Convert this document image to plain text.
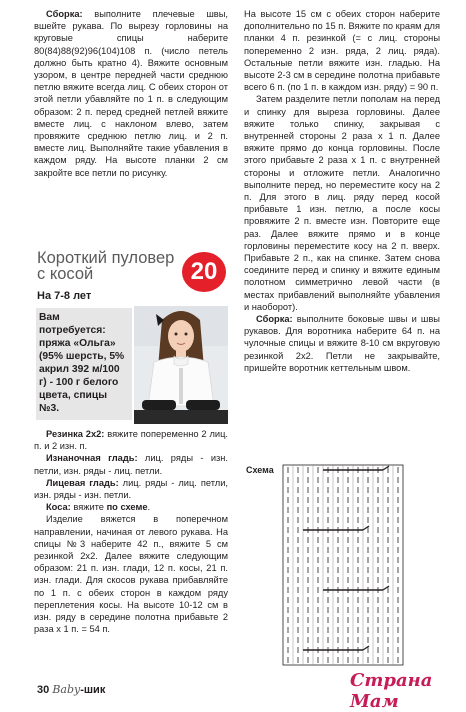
Сборка: выполните плечевые швы, вшейте рукава. По вырезу горловины на круговые спицы наберите 80(84)88(92)96(104)108 п. (число петель должно быть кратно 4). Вяжите основным узором, в центре передней части среднюю петлю вяжите всегда лиц. С обеих сторон от этой петли убавляйте по 1 п. в следующим образом: 2 п. перед средней петлей вяжите вместе лиц. с наклоном влево, затем провяжите среднюю петлю лиц. и 2 п. вместе лиц. Выполняйте такие убавления в каждом ряду. На высоте планки 2 см закройте все петли по рисунку.

Короткий пуловер с косой	20
На 7-8 лет
Вам потребуется: пряжа «Ольга» (95% шерсть, 5% акрил 392 м/100 г) - 100 г белого цвета, спицы №3.

Резинка 2х2: вяжите попеременно 2 лиц. п. и 2 изн. п.

Изнаночная гладь: лиц. ряды - изн. петли, изн. ряды - лиц. петли.

Лицевая гладь: лиц. ряды - лиц. петли, изн. ряды - изн. петли.

Коса: вяжите по схеме.

Изделие вяжется в поперечном направлении, начиная от левого рукава. На спицы №3 наберите 42 п., вяжите 5 см резинкой 2х2. Далее вяжите следующим образом: 21 п. изн. глади, 12 п. косы, 21 п. изн. глади. Для скосов рукава прибавляйте по 1 п. с обеих сторон в каждом ряду переплетения косы. На высоте 10-12 см в изн. ряду в середине полотна прибавьте 2 раза х 1 п. = 54 п.

На высоте 15 см с обеих сторон наберите дополнительно по 15 п. Вяжите по краям для планки 4 п. резинкой (= с лиц. стороны попеременно 2 изн. ряда, 2 лиц. ряда). Остальные петли вяжите изн. гладью. На высоте 2-3 см в середине полотна прибавьте всего 6 п. (по 1 п. в каждом изн. ряду) = 90 п.

Затем разделите петли пополам на перед и спинку для выреза горловины. Далее вяжите только спинку, закрывая с внутренней стороны 2 раза х 1 п. Далее вяжите прямо до конца горловины. После этого прибавьте 2 раза х 1 п. с внутренней стороны и отложите петли. Аналогично выполните перед, но переместите косу на 2 п. Для этого в лиц. ряду перед косой прибавьте 1 изн. петлю, а после косы провяжите 2 п. вместе изн. Повторите еще раз. Далее вяжите прямо и в конце горловины переместите косу на 2 п. вверх. Прибавьте 2 п., как на спинке. Затем снова соедините перед и спинку и вяжите единым полотном симметрично левой части (в местах прибавлений выполняйте убавления и наоборот).

Сборка: выполните боковые швы и швы рукавов. Для воротника наберите 64 п. на чулочные спицы и вяжите 8-10 см вкруговую резинкой 2х2. Петли не закрывайте, пришейте воротник кеттельным швом.

Схема
30 Baby-шик	Страна Мам
